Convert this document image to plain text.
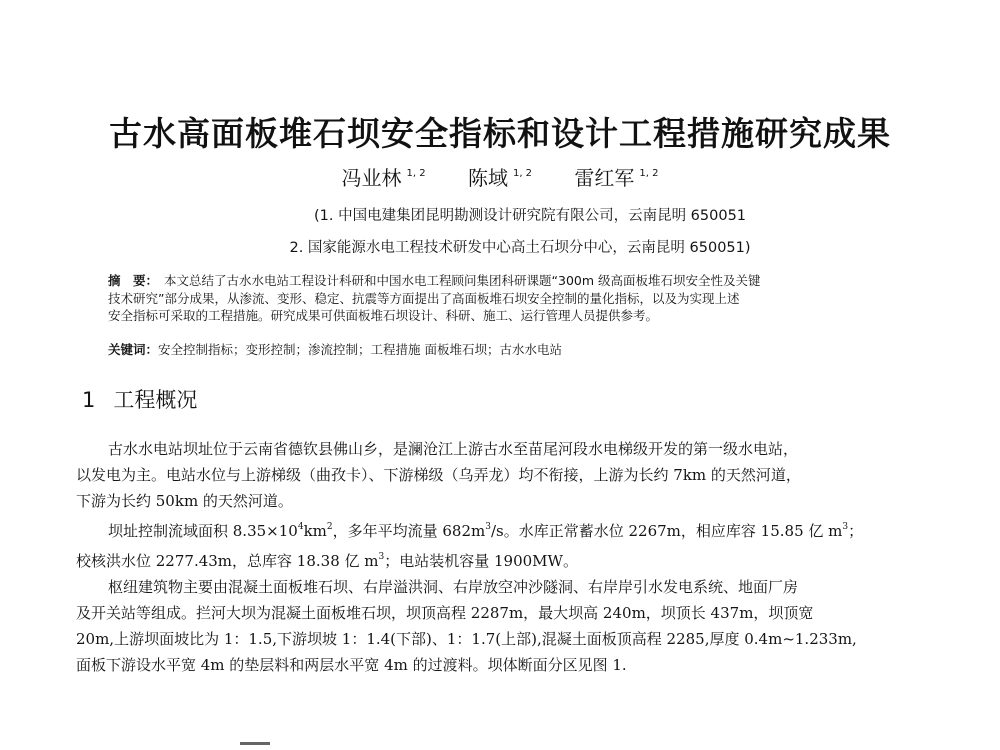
古水高面板堆石坝安全指标和设计工程措施研究成果
冯业林 $^{1, 2}$ 陈域 $^{1, 2}$ 雷红军 $^{1, 2}$
(1. 中国电建集团昆明勘测设计研究院有限公司，云南昆明 650051
2. 国家能源水电工程技术研发中心高土石坝分中心，云南昆明 650051)
摘　要： 本文总结了古水水电站工程设计科研和中国水电工程顾问集团科研课题“300m 级高面板堆石坝安全性及关键
技术研究”部分成果，从渗流、变形、稳定、抗震等方面提出了高面板堆石坝安全控制的量化指标，以及为实现上述
安全指标可采取的工程措施。研究成果可供面板堆石坝设计、科研、施工、运行管理人员提供参考。
关键词：安全控制指标；变形控制；渗流控制；工程措施 面板堆石坝；古水水电站
1 工程概况
古水水电站坝址位于云南省德钦县佛山乡，是澜沧江上游古水至苗尾河段水电梯级开发的第一级水电站，
以发电为主。电站水位与上游梯级（曲孜卡）、下游梯级（乌弄龙）均不衔接，上游为长约 7km 的天然河道，
下游为长约 50km 的天然河道。
坝址控制流域面积 $8.35\times 10^4km^2$，多年平均流量 $682m^3/s$。水库正常蓄水位 2267m，相应库容 15.85 亿 $m^3$；
校核洪水位 2277.43m，总库容 18.38 亿 $m^3$；电站装机容量 1900MW。
枢纽建筑物主要由混凝土面板堆石坝、右岸溢洪洞、右岸放空冲沙隧洞、右岸岸引水发电系统、地面厂房
及开关站等组成。拦河大坝为混凝土面板堆石坝，坝顶高程 2287m，最大坝高 240m，坝顶长 437m，坝顶宽
20m,上游坝面坡比为 1：1.5,下游坝坡 1：1.4(下部)、1：1.7(上部),混凝土面板顶高程 2285,厚度 0.4m~1.233m,
面板下游设水平宽 4m 的垫层料和两层水平宽 4m 的过渡料。坝体断面分区见图 1.
